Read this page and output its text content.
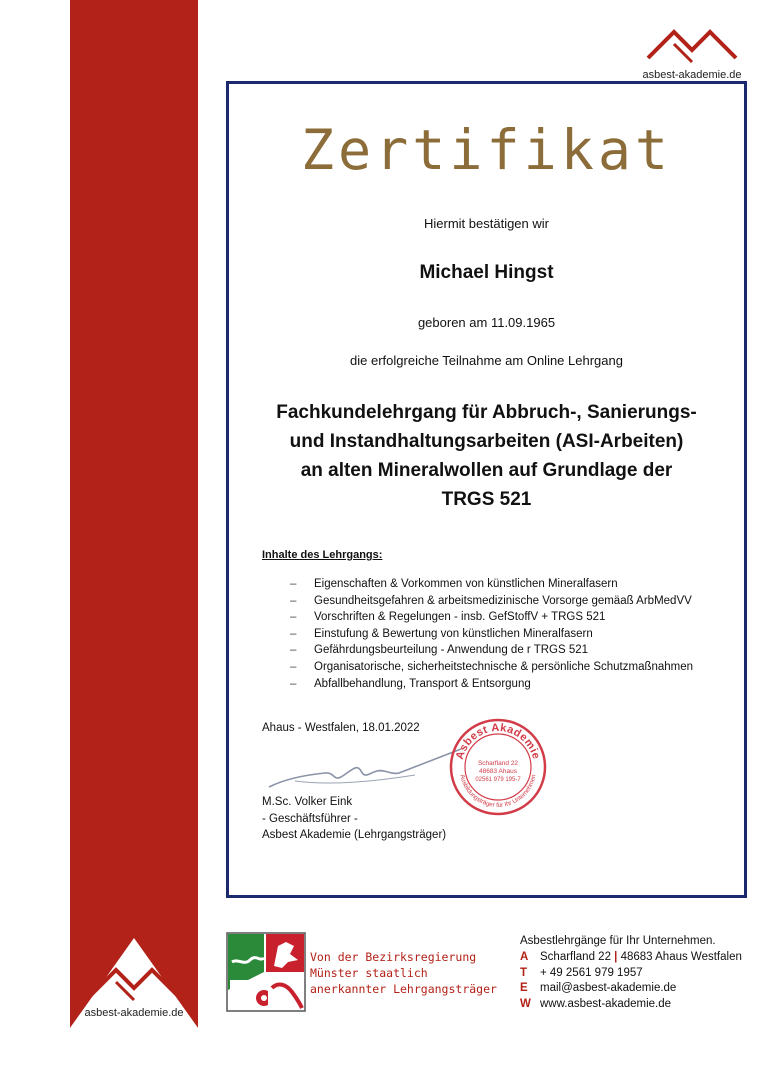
asbest-akademie.de
Zertifikat
Hiermit bestätigen wir
Michael Hingst
geboren am 11.09.1965
die erfolgreiche Teilnahme am Online Lehrgang
Fachkundelehrgang für Abbruch-, Sanierungs-
und Instandhaltungsarbeiten (ASI-Arbeiten)
an alten Mineralwollen auf Grundlage der
TRGS 521
Inhalte des Lehrgangs:
– Eigenschaften & Vorkommen von künstlichen Mineralfasern
– Gesundheitsgefahren & arbeitsmedizinische Vorsorge gemäaß ArbMedVV
– Vorschriften & Regelungen - insb. GefStoffV + TRGS 521
– Einstufung & Bewertung von künstlichen Mineralfasern
– Gefährdungsbeurteilung - Anwendung de r TRGS 521
– Organisatorische, sicherheitstechnische & persönliche Schutzmaßnahmen
– Abfallbehandlung, Transport & Entsorgung
Ahaus - Westfalen, 18.01.2022
M.Sc. Volker Eink
- Geschäftsführer -
Asbest Akademie (Lehrgangsträger)
Asbest Akademie
Ausbildungsträger für Ihr Unternehmen
Scharfland 22
48683 Ahaus
02561 979 195-7
asbest-akademie.de
Von der Bezirksregierung
Münster staatlich
anerkannter Lehrgangsträger
Asbestlehrgänge für Ihr Unternehmen.
A Scharfland 22 | 48683 Ahaus Westfalen
T + 49 2561 979 1957
E mail@asbest-akademie.de
W www.asbest-akademie.de
